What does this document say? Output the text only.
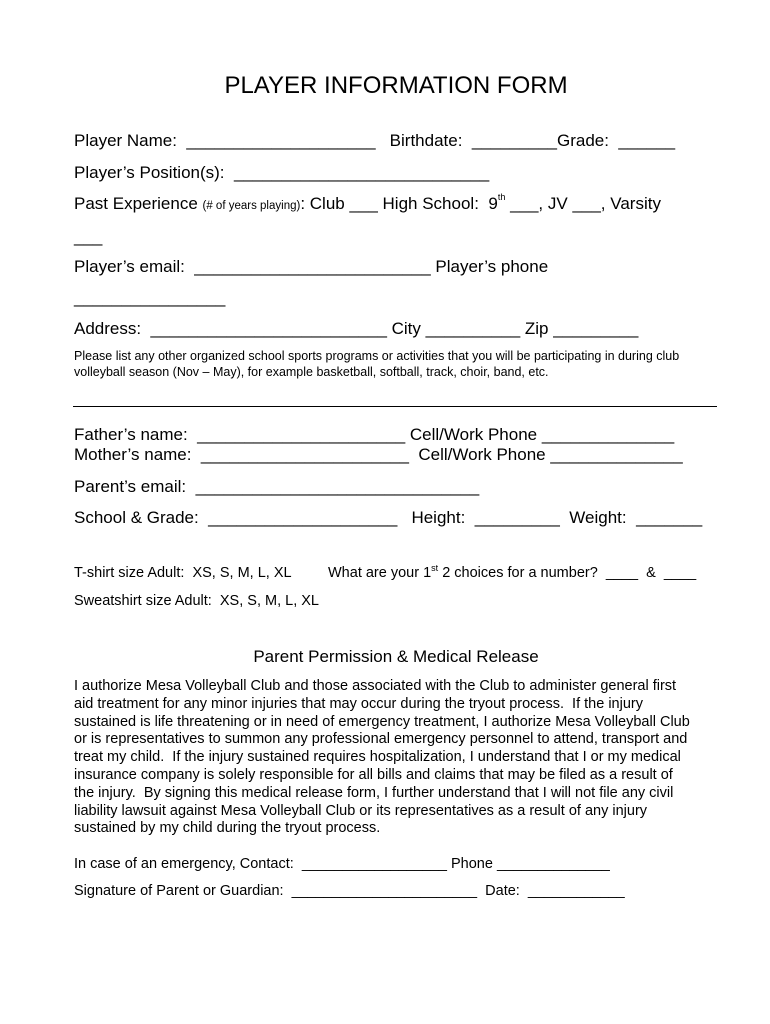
PLAYER INFORMATION FORM
Player Name:  ____________________   Birthdate:  _________Grade:  ______
Player’s Position(s):  ___________________________
Past Experience (# of years playing): Club ___ High School:  9th ___, JV ___, Varsity
___
Player’s email:  _________________________ Player’s phone
________________
Address:  _________________________ City __________ Zip _________
Please list any other organized school sports programs or activities that you will be participating in during club
volleyball season (Nov – May), for example basketball, softball, track, choir, band, etc.
Father’s name:  ______________________ Cell/Work Phone ______________
Mother’s name:  ______________________  Cell/Work Phone ______________
Parent’s email:  ______________________________
School & Grade:  ____________________   Height:  _________  Weight:  _______
T-shirt size Adult:  XS, S, M, L, XL	What are your 1st 2 choices for a number?  ____  &  ____
Sweatshirt size Adult:  XS, S, M, L, XL
Parent Permission & Medical Release
I authorize Mesa Volleyball Club and those associated with the Club to administer general first
aid treatment for any minor injuries that may occur during the tryout process.  If the injury
sustained is life threatening or in need of emergency treatment, I authorize Mesa Volleyball Club
or is representatives to summon any professional emergency personnel to attend, transport and
treat my child.  If the injury sustained requires hospitalization, I understand that I or my medical
insurance company is solely responsible for all bills and claims that may be filed as a result of
the injury.  By signing this medical release form, I further understand that I will not file any civil
liability lawsuit against Mesa Volleyball Club or its representatives as a result of any injury
sustained by my child during the tryout process.
In case of an emergency, Contact:  __________________ Phone ______________
Signature of Parent or Guardian:  _______________________  Date:  ____________
